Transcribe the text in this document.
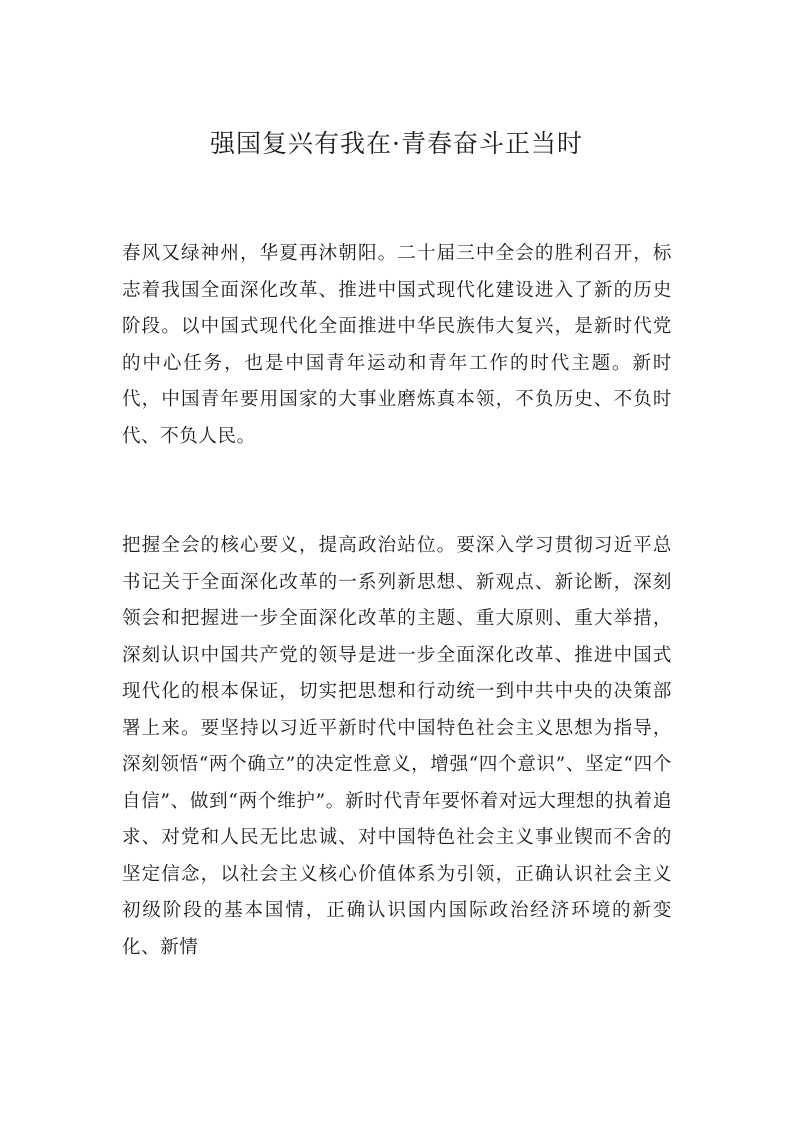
强国复兴有我在·青春奋斗正当时

春风又绿神州，华夏再沐朝阳。二十届三中全会的胜利召开，标志着我国全面深化改革、推进中国式现代化建设进入了新的历史阶段。以中国式现代化全面推进中华民族伟大复兴，是新时代党的中心任务，也是中国青年运动和青年工作的时代主题。新时代，中国青年要用国家的大事业磨炼真本领，不负历史、不负时代、不负人民。

把握全会的核心要义，提高政治站位。要深入学习贯彻习近平总书记关于全面深化改革的一系列新思想、新观点、新论断，深刻领会和把握进一步全面深化改革的主题、重大原则、重大举措，深刻认识中国共产党的领导是进一步全面深化改革、推进中国式现代化的根本保证，切实把思想和行动统一到中共中央的决策部署上来。要坚持以习近平新时代中国特色社会主义思想为指导，深刻领悟“两个确立”的决定性意义，增强“四个意识”、坚定“四个自信”、做到“两个维护”。新时代青年要怀着对远大理想的执着追求、对党和人民无比忠诚、对中国特色社会主义事业锲而不舍的坚定信念，以社会主义核心价值体系为引领，正确认识社会主义初级阶段的基本国情，正确认识国内国际政治经济环境的新变化、新情
